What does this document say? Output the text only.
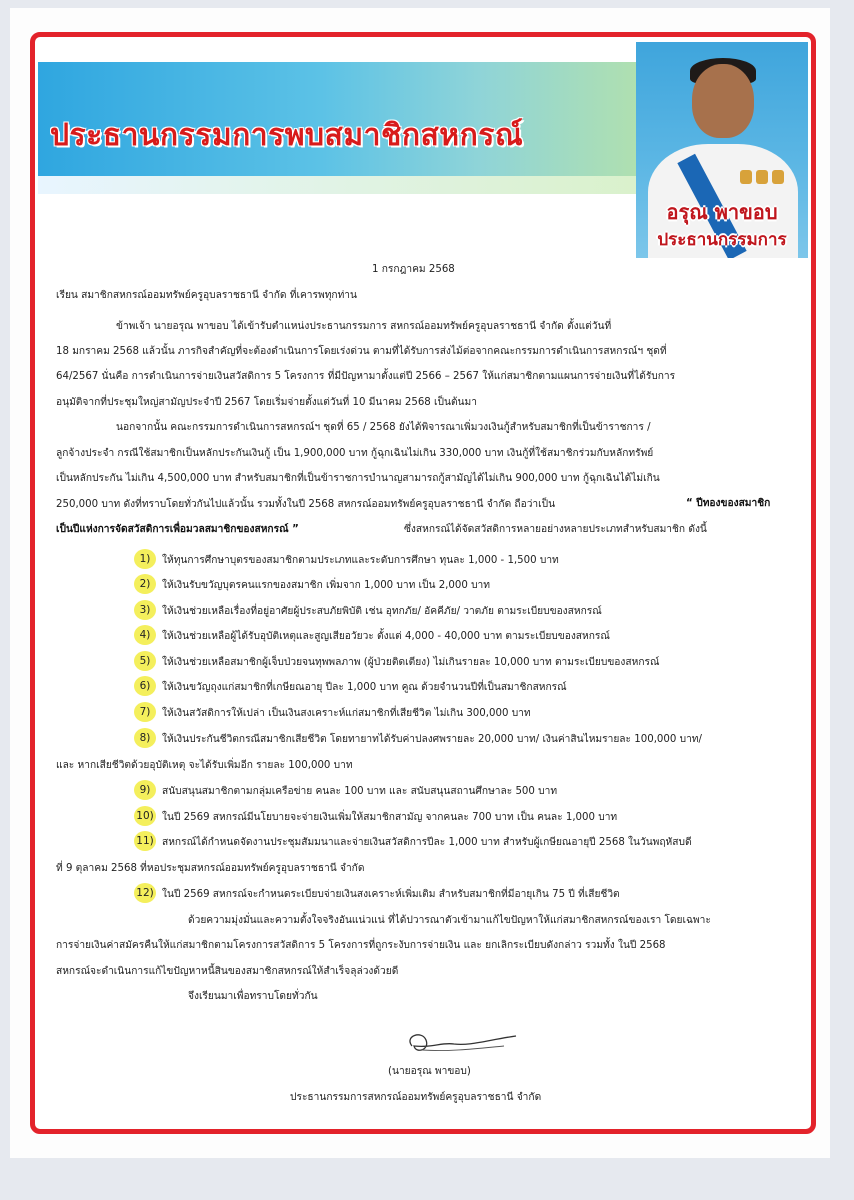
ประธานกรรมการพบสมาชิกสหกรณ์
อรุณ พาขอบ
ประธานกรรมการ
1 กรกฎาคม 2568
เรียน สมาชิกสหกรณ์ออมทรัพย์ครูอุบลราชธานี จำกัด ที่เคารพทุกท่าน
ข้าพเจ้า นายอรุณ พาขอบ ได้เข้ารับตำแหน่งประธานกรรมการ สหกรณ์ออมทรัพย์ครูอุบลราชธานี จำกัด ตั้งแต่วันที่
18 มกราคม 2568 แล้วนั้น ภารกิจสำคัญที่จะต้องดำเนินการโดยเร่งด่วน ตามที่ได้รับการส่งไม้ต่อจากคณะกรรมการดำเนินการสหกรณ์ฯ ชุดที่
64/2567 นั่นคือ การดำเนินการจ่ายเงินสวัสดิการ 5 โครงการ ที่มีปัญหามาตั้งแต่ปี 2566 – 2567 ให้แก่สมาชิกตามแผนการจ่ายเงินที่ได้รับการ
อนุมัติจากที่ประชุมใหญ่สามัญประจำปี 2567 โดยเริ่มจ่ายตั้งแต่วันที่ 10 มีนาคม 2568 เป็นต้นมา
นอกจากนั้น คณะกรรมการดำเนินการสหกรณ์ฯ ชุดที่ 65 / 2568 ยังได้พิจารณาเพิ่มวงเงินกู้สำหรับสมาชิกที่เป็นข้าราชการ /
ลูกจ้างประจำ กรณีใช้สมาชิกเป็นหลักประกันเงินกู้ เป็น 1,900,000 บาท กู้ฉุกเฉินไม่เกิน 330,000 บาท เงินกู้ที่ใช้สมาชิกร่วมกับหลักทรัพย์
เป็นหลักประกัน ไม่เกิน 4,500,000 บาท สำหรับสมาชิกที่เป็นข้าราชการบำนาญสามารถกู้สามัญได้ไม่เกิน 900,000 บาท กู้ฉุกเฉินได้ไม่เกิน
250,000 บาท ดังที่ทราบโดยทั่วกันไปแล้วนั้น รวมทั้งในปี 2568 สหกรณ์ออมทรัพย์ครูอุบลราชธานี จำกัด ถือว่าเป็น	“ ปีทองของสมาชิก
เป็นปีแห่งการจัดสวัสดิการเพื่อมวลสมาชิกของสหกรณ์ ”	ซึ่งสหกรณ์ได้จัดสวัสดิการหลายอย่างหลายประเภทสำหรับสมาชิก ดังนี้
1)	ให้ทุนการศึกษาบุตรของสมาชิกตามประเภทและระดับการศึกษา ทุนละ 1,000 - 1,500 บาท
2)	ให้เงินรับขวัญบุตรคนแรกของสมาชิก เพิ่มจาก 1,000 บาท เป็น 2,000 บาท
3)	ให้เงินช่วยเหลือเรื่องที่อยู่อาศัยผู้ประสบภัยพิบัติ เช่น อุทกภัย/ อัคคีภัย/ วาตภัย ตามระเบียบของสหกรณ์
4)	ให้เงินช่วยเหลือผู้ได้รับอุบัติเหตุและสูญเสียอวัยวะ ตั้งแต่ 4,000 - 40,000 บาท ตามระเบียบของสหกรณ์
5)	ให้เงินช่วยเหลือสมาชิกผู้เจ็บป่วยจนทุพพลภาพ (ผู้ป่วยติดเตียง) ไม่เกินรายละ 10,000 บาท ตามระเบียบของสหกรณ์
6)	ให้เงินขวัญถุงแก่สมาชิกที่เกษียณอายุ ปีละ 1,000 บาท คูณ ด้วยจำนวนปีที่เป็นสมาชิกสหกรณ์
7)	ให้เงินสวัสดิการให้เปล่า เป็นเงินสงเคราะห์แก่สมาชิกที่เสียชีวิต ไม่เกิน 300,000 บาท
8)	ให้เงินประกันชีวิตกรณีสมาชิกเสียชีวิต โดยทายาทได้รับค่าปลงศพรายละ 20,000 บาท/ เงินค่าสินไหมรายละ 100,000 บาท/
และ หากเสียชีวิตด้วยอุบัติเหตุ จะได้รับเพิ่มอีก รายละ 100,000 บาท
9)	สนับสนุนสมาชิกตามกลุ่มเครือข่าย คนละ 100 บาท และ สนับสนุนสถานศึกษาละ 500 บาท
10) ในปี 2569 สหกรณ์มีนโยบายจะจ่ายเงินเพิ่มให้สมาชิกสามัญ จากคนละ 700 บาท เป็น คนละ 1,000 บาท
11) สหกรณ์ได้กำหนดจัดงานประชุมสัมมนาและจ่ายเงินสวัสดิการปีละ 1,000 บาท สำหรับผู้เกษียณอายุปี 2568 ในวันพฤหัสบดี
ที่ 9 ตุลาคม 2568 ที่หอประชุมสหกรณ์ออมทรัพย์ครูอุบลราชธานี จำกัด
12) ในปี 2569 สหกรณ์จะกำหนดระเบียบจ่ายเงินสงเคราะห์เพิ่มเติม สำหรับสมาชิกที่มีอายุเกิน 75 ปี ที่เสียชีวิต
ด้วยความมุ่งมั่นและความตั้งใจจริงอันแน่วแน่ ที่ได้ปวารณาตัวเข้ามาแก้ไขปัญหาให้แก่สมาชิกสหกรณ์ของเรา โดยเฉพาะ
การจ่ายเงินค่าสมัครคืนให้แก่สมาชิกตามโครงการสวัสดิการ 5 โครงการที่ถูกระงับการจ่ายเงิน และ ยกเลิกระเบียบดังกล่าว รวมทั้ง ในปี 2568
สหกรณ์จะดำเนินการแก้ไขปัญหาหนี้สินของสมาชิกสหกรณ์ให้สำเร็จลุล่วงด้วยดี
จึงเรียนมาเพื่อทราบโดยทั่วกัน
(นายอรุณ พาขอบ)
ประธานกรรมการสหกรณ์ออมทรัพย์ครูอุบลราชธานี จำกัด
